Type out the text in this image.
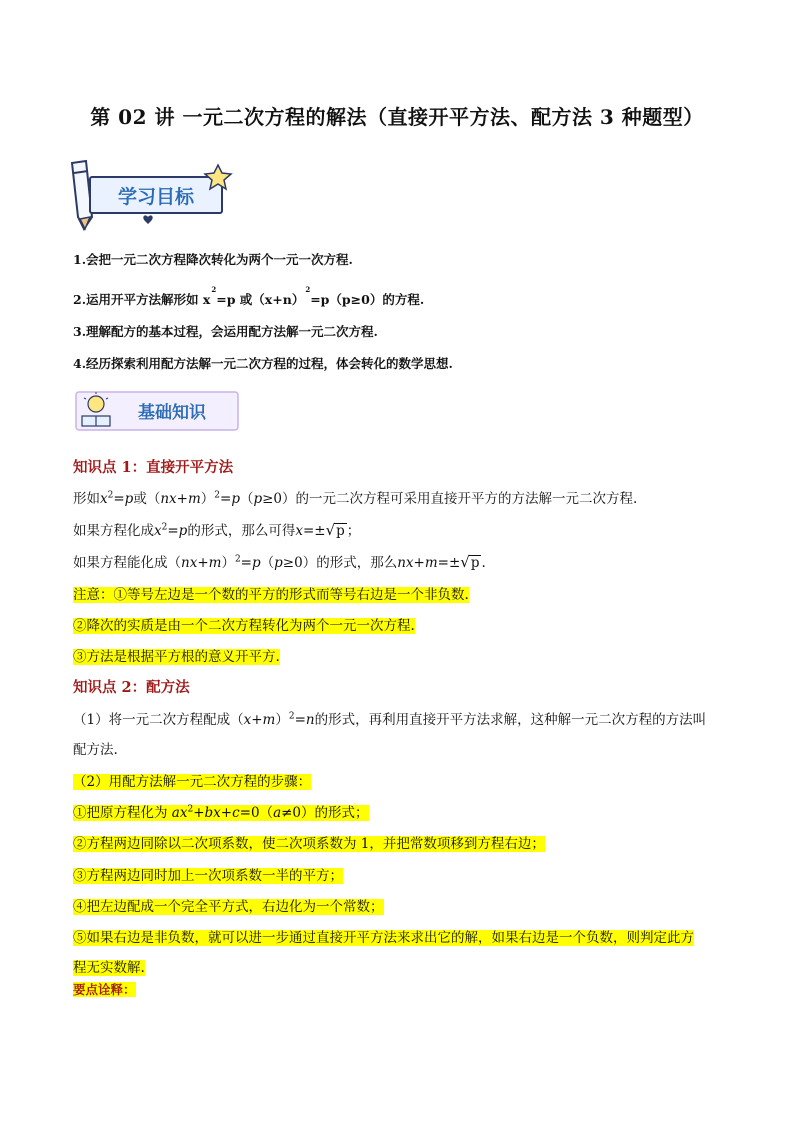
第 02 讲 一元二次方程的解法（直接开平方法、配方法 3 种题型）
学习目标
1.会把一元二次方程降次转化为两个一元一次方程.
2.运用开平方法解形如 $x^2=p$ 或$(x+n)^2=p(p\ge 0)$的方程.
3.理解配方的基本过程，会运用配方法解一元二次方程.
4.经历探索利用配方法解一元二次方程的过程，体会转化的数学思想.
基础知识
知识点 1：直接开平方法
形如$x^2=p$或$(nx+m)^2=p(p\ge 0)$的一元二次方程可采用直接开平方的方法解一元二次方程.
如果方程化成$x^2=p$的形式，那么可得x=±√p ；
如果方程能化成$(nx+m)^2=p(p\ge 0)$的形式，那么nx+m=±√p .
注意：①等号左边是一个数的平方的形式而等号右边是一个非负数.
②降次的实质是由一个二次方程转化为两个一元一次方程.
③方法是根据平方根的意义开平方.
知识点 2：配方法
（1）将一元二次方程配成$(x+m)^2=n$的形式，再利用直接开平方法求解，这种解一元二次方程的方法叫
配方法.
（2）用配方法解一元二次方程的步骤：
①把原方程化为 $ax^2+bx+c=0(a\ne 0)$的形式；
②方程两边同除以二次项系数，使二次项系数为 1，并把常数项移到方程右边；
③方程两边同时加上一次项系数一半的平方；
④把左边配成一个完全平方式，右边化为一个常数；
⑤如果右边是非负数，就可以进一步通过直接开平方法来求出它的解，如果右边是一个负数，则判定此方
程无实数解.
要点诠释：
